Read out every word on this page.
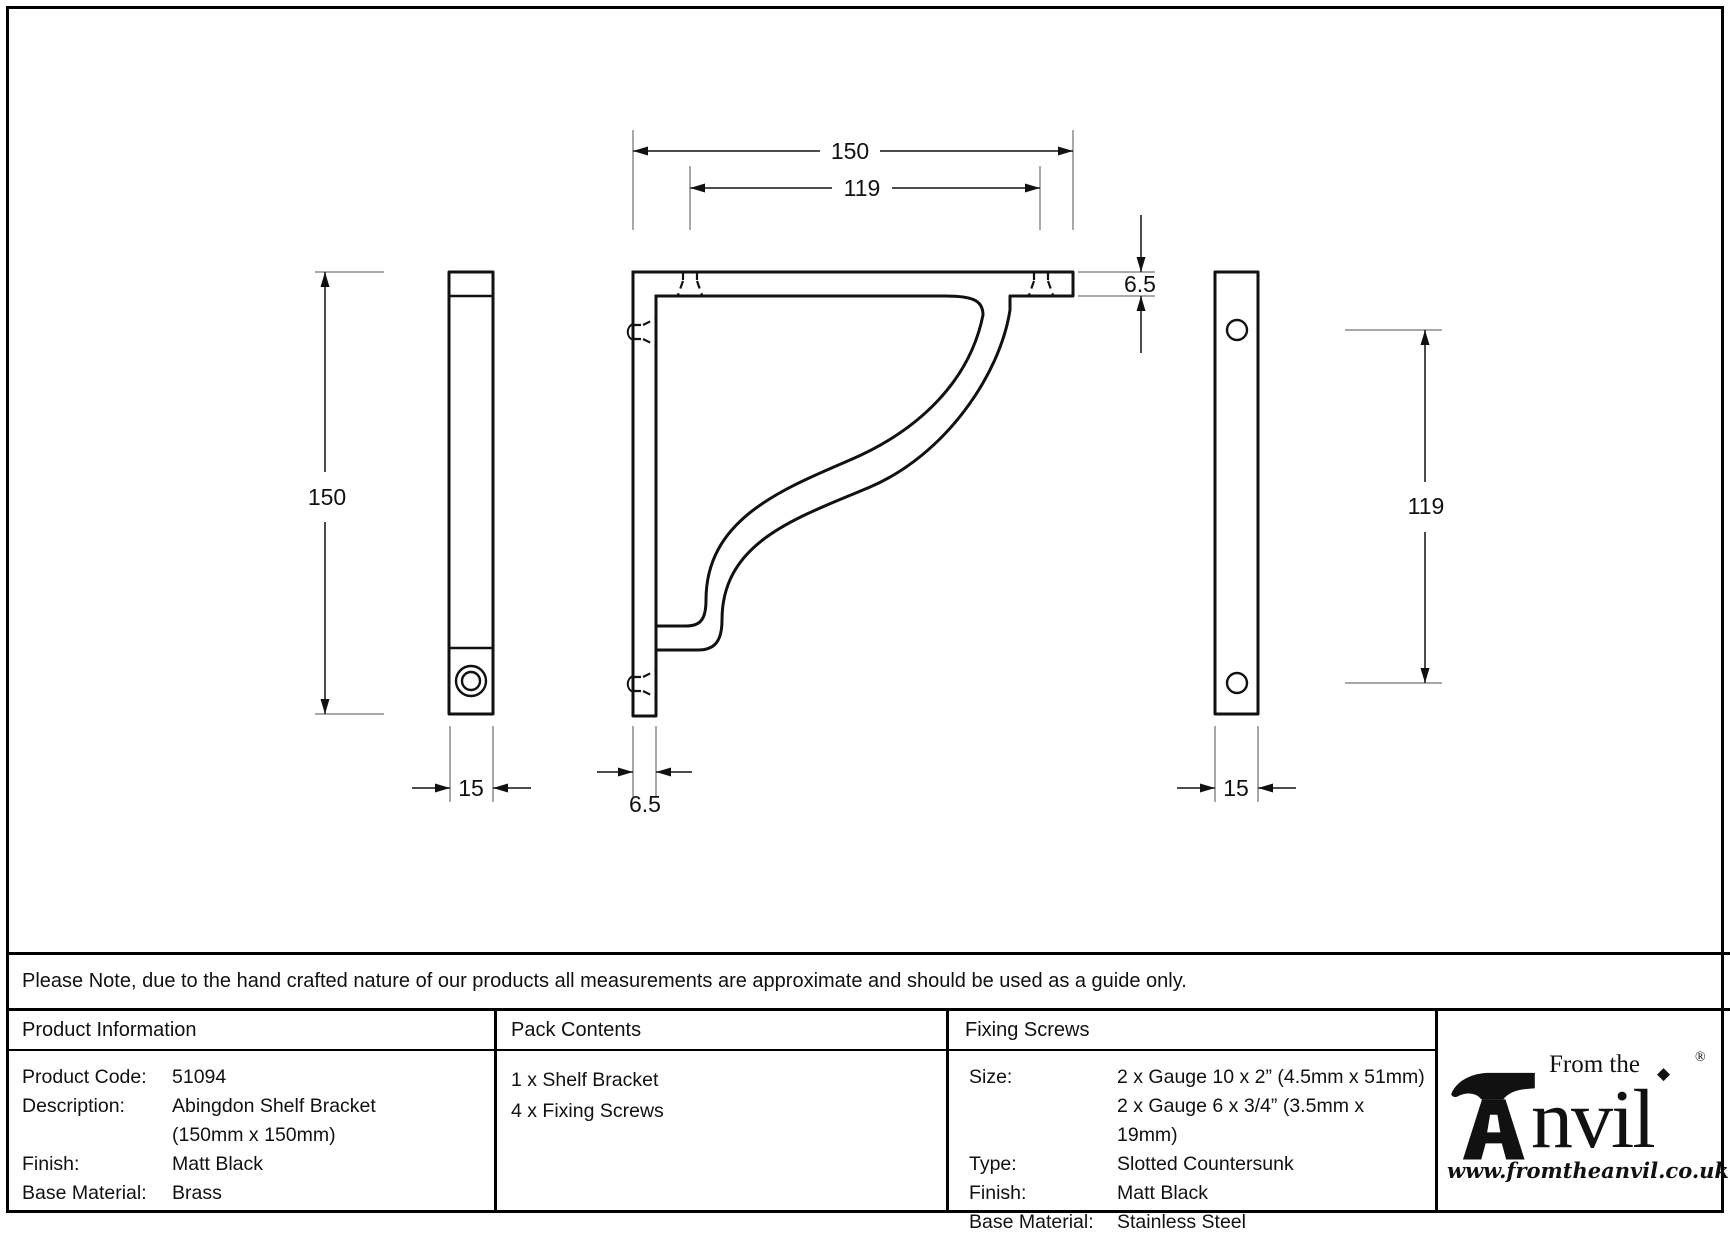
150
119
6.5
6.5
150
15
119
15
Please Note, due to the hand crafted nature of our products all measurements are approximate and should be used as a guide only.
Product Information
Product Code:	51094
Description:	Abingdon Shelf Bracket
(150mm x 150mm)
Finish:	Matt Black
Base Material:	Brass
Pack Contents
1 x Shelf Bracket
4 x Fixing Screws
Fixing Screws
Size:	2 x Gauge 10 x 2” (4.5mm x 51mm)
2 x Gauge 6 x 3/4” (3.5mm x 19mm)
Type:	Slotted Countersunk
Finish:	Matt Black
Base Material:	Stainless Steel
From the
nvil ◆
®
www.fromtheanvil.co.uk
